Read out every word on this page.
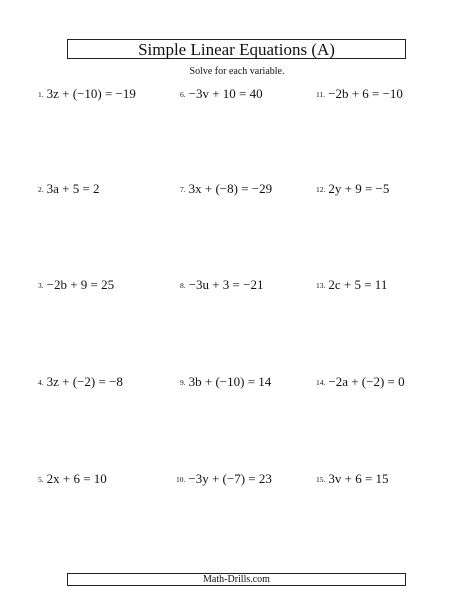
Simple Linear Equations (A)
Solve for each variable.
1. 3z + (−10) = −19
2. 3a + 5 = 2
3. −2b + 9 = 25
4. 3z + (−2) = −8
5. 2x + 6 = 10
6. −3v + 10 = 40
7. 3x + (−8) = −29
8. −3u + 3 = −21
9. 3b + (−10) = 14
10. −3y + (−7) = 23
11. −2b + 6 = −10
12. 2y + 9 = −5
13. 2c + 5 = 11
14. −2a + (−2) = 0
15. 3v + 6 = 15
Math-Drills.com
